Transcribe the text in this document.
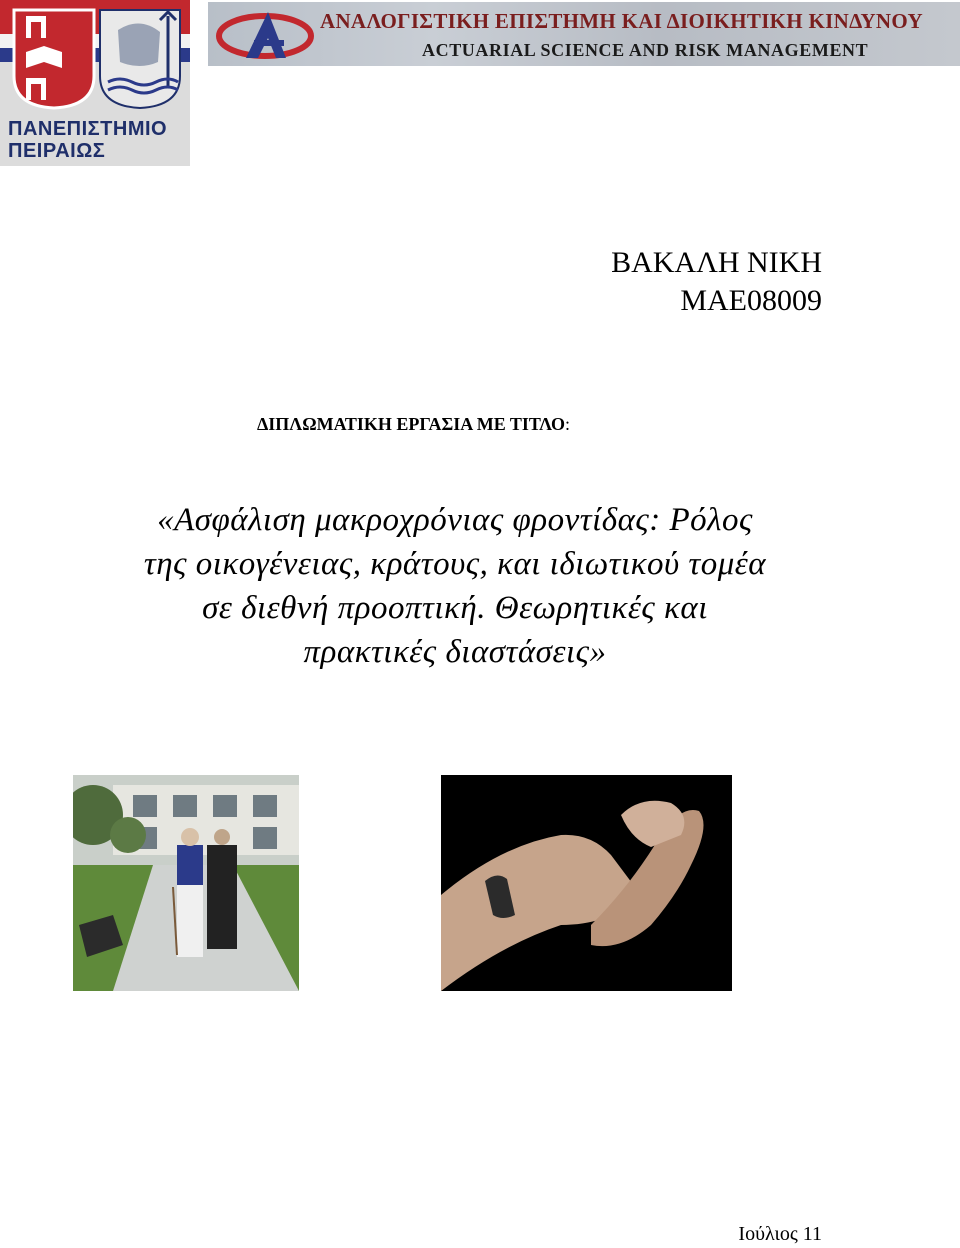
ΠΑΝΕΠΙΣΤΗΜΙΟ
ΠΕΙΡΑΙΩΣ
ΑΝΑΛΟΓΙΣΤΙΚΗ ΕΠΙΣΤΗΜΗ ΚΑΙ ΔΙΟΙΚΗΤΙΚΗ ΚΙΝΔΥΝΟΥ
ACTUARIAL SCIENCE AND RISK MANAGEMENT
ΒΑΚΑΛΗ ΝΙΚΗ
MAE08009
ΔΙΠΛΩΜΑΤΙΚΗ ΕΡΓΑΣΙΑ ΜΕ ΤΙΤΛΟ:
«Ασφάλιση μακροχρόνιας φροντίδας: Ρόλος
της οικογένειας, κράτους, και ιδιωτικού τομέα
σε διεθνή προοπτική. Θεωρητικές και
πρακτικές διαστάσεις»
Ιούλιος 11
